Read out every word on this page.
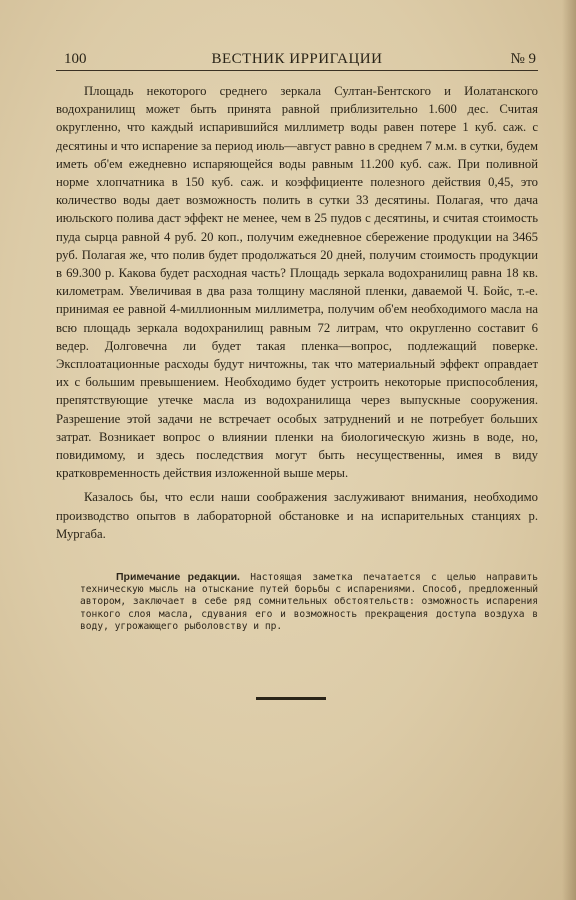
100	ВЕСТНИК ИРРИГАЦИИ	№ 9

Площадь некоторого среднего зеркала Султан-Бентского и Иолатанского водохранилищ может быть принята равной приблизительно 1.600 дес. Считая округленно, что каждый испарившийся миллиметр воды равен потере 1 куб. саж. с десятины и что испарение за период июль—август равно в среднем 7 м.м. в сутки, будем иметь об'ем ежедневно испаряющейся воды равным 11.200 куб. саж. При поливной норме хлопчатника в 150 куб. саж. и коэффициенте полезного действия 0,45, это количество воды дает возможность полить в сутки 33 десятины. Полагая, что дача июльского полива даст эффект не менее, чем в 25 пудов с десятины, и считая стоимость пуда сырца равной 4 руб. 20 коп., получим ежедневное сбережение продукции на 3465 руб. Полагая же, что полив будет продолжаться 20 дней, получим стоимость продукции в 69.300 р. Какова будет расходная часть? Площадь зеркала водохранилищ равна 18 кв. километрам. Увеличивая в два раза толщину масляной пленки, даваемой Ч. Бойс, т.-е. принимая ее равной 4-миллионным миллиметра, получим об'ем необходимого масла на всю площадь зеркала водохранилищ равным 72 литрам, что округленно составит 6 ведер. Долговечна ли будет такая пленка—вопрос, подлежащий поверке. Эксплоатационные расходы будут ничтожны, так что материальный эффект оправдает их с большим превышением. Необходимо будет устроить некоторые приспособления, препятствующие утечке масла из водохранилища через выпускные сооружения. Разрешение этой задачи не встречает особых затруднений и не потребует больших затрат. Возникает вопрос о влиянии пленки на биологическую жизнь в воде, но, повидимому, и здесь последствия могут быть несущественны, имея в виду кратковременность действия изложенной выше меры.

Казалось бы, что если наши соображения заслуживают внимания, необходимо производство опытов в лабораторной обстановке и на испарительных станциях р. Мургаба.

Примечание редакции. Настоящая заметка печатается с целью направить техническую мысль на отыскание путей борьбы с испарениями. Способ, предложенный автором, заключает в себе ряд сомнительных обстоятельств: озможность испарения тонкого слоя масла, сдувания его и возможность прекращения доступа воздуха в воду, угрожающего рыболовству и пр.
